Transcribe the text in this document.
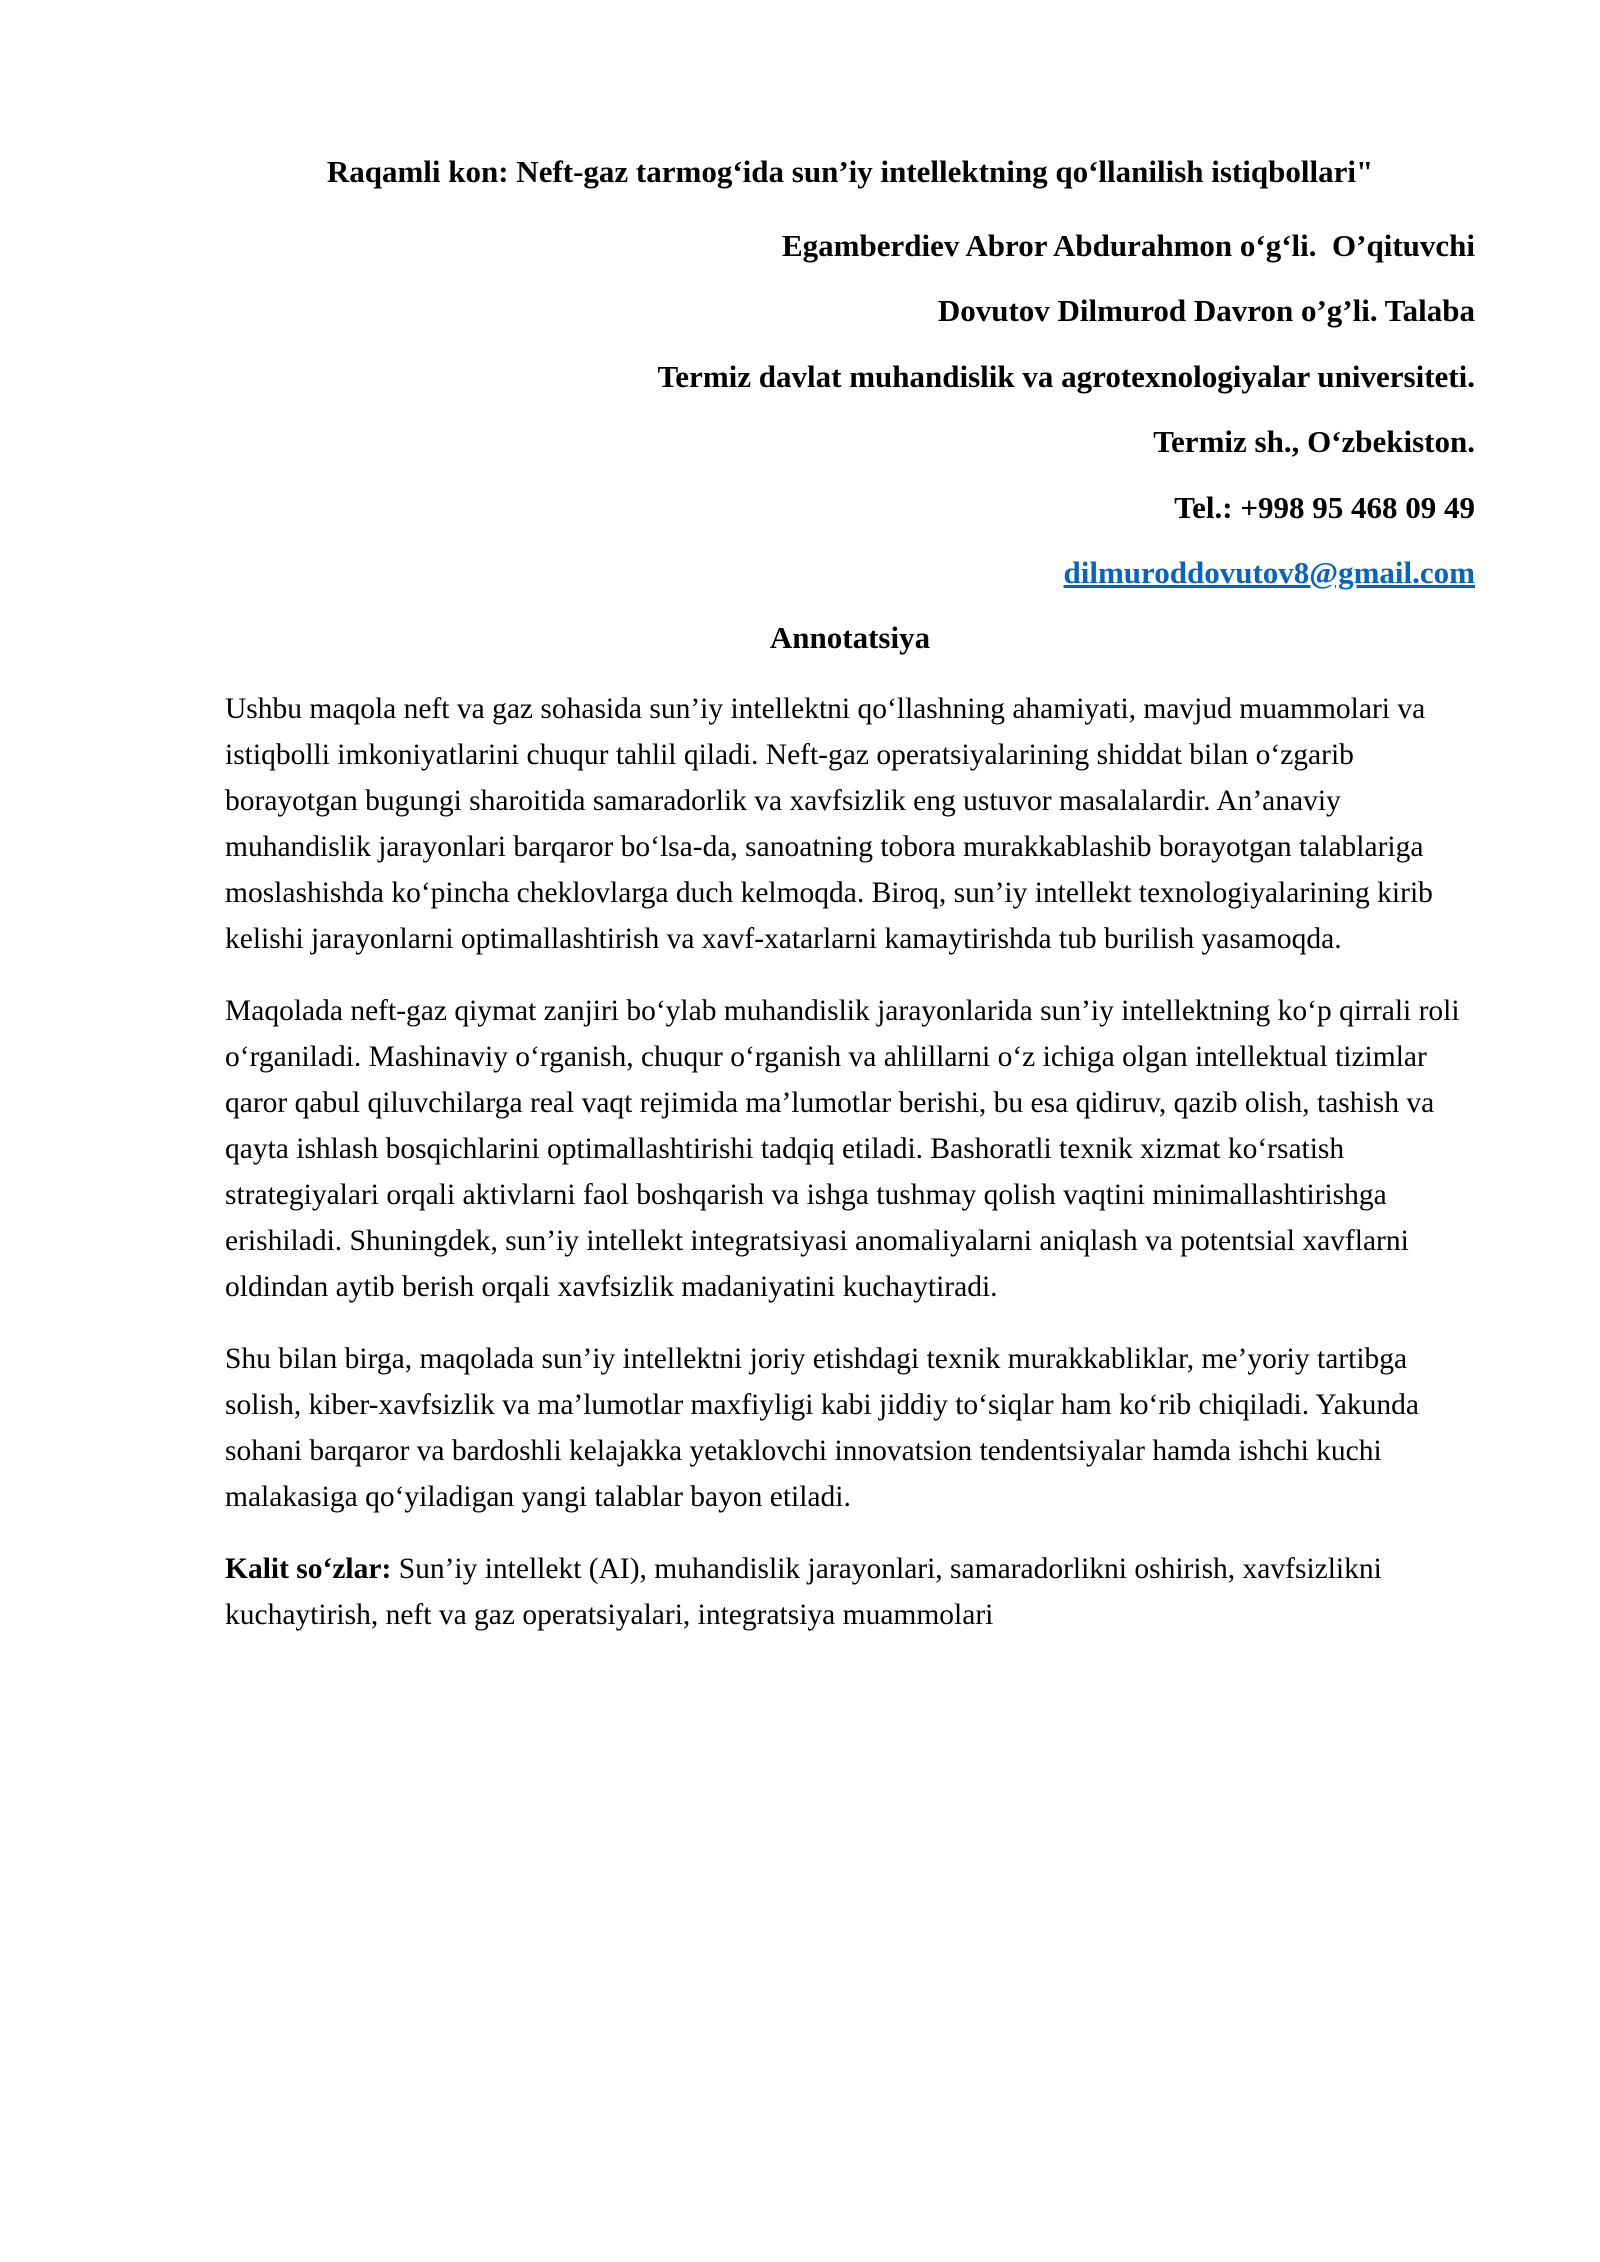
Raqamli kon: Neft-gaz tarmog‘ida sun’iy intellektning qo‘llanilish istiqbollari"
Egamberdiev Abror Abdurahmon o‘g‘li.  O’qituvchi
Dovutov Dilmurod Davron o’g’li. Talaba
Termiz davlat muhandislik va agrotexnologiyalar universiteti.
Termiz sh., O‘zbekiston.
Tel.: +998 95 468 09 49
dilmuroddovutov8@gmail.com
Annotatsiya

Ushbu maqola neft va gaz sohasida sun’iy intellektni qo‘llashning ahamiyati, mavjud muammolari va istiqbolli imkoniyatlarini chuqur tahlil qiladi. Neft-gaz operatsiyalarining shiddat bilan o‘zgarib borayotgan bugungi sharoitida samaradorlik va xavfsizlik eng ustuvor masalalardir. An’anaviy muhandislik jarayonlari barqaror bo‘lsa-da, sanoatning tobora murakkablashib borayotgan talablariga moslashishda ko‘pincha cheklovlarga duch kelmoqda. Biroq, sun’iy intellekt texnologiyalarining kirib kelishi jarayonlarni optimallashtirish va xavf-xatarlarni kamaytirishda tub burilish yasamoqda.

Maqolada neft-gaz qiymat zanjiri bo‘ylab muhandislik jarayonlarida sun’iy intellektning ko‘p qirrali roli o‘rganiladi. Mashinaviy o‘rganish, chuqur o‘rganish va ahlillarni o‘z ichiga olgan intellektual tizimlar qaror qabul qiluvchilarga real vaqt rejimida ma’lumotlar berishi, bu esa qidiruv, qazib olish, tashish va qayta ishlash bosqichlarini optimallashtirishi tadqiq etiladi. Bashoratli texnik xizmat ko‘rsatish strategiyalari orqali aktivlarni faol boshqarish va ishga tushmay qolish vaqtini minimallashtirishga erishiladi. Shuningdek, sun’iy intellekt integratsiyasi anomaliyalarni aniqlash va potentsial xavflarni oldindan aytib berish orqali xavfsizlik madaniyatini kuchaytiradi.

Shu bilan birga, maqolada sun’iy intellektni joriy etishdagi texnik murakkabliklar, me’yoriy tartibga solish, kiber-xavfsizlik va ma’lumotlar maxfiyligi kabi jiddiy to‘siqlar ham ko‘rib chiqiladi. Yakunda sohani barqaror va bardoshli kelajakka yetaklovchi innovatsion tendentsiyalar hamda ishchi kuchi malakasiga qo‘yiladigan yangi talablar bayon etiladi.

Kalit so‘zlar: Sun’iy intellekt (AI), muhandislik jarayonlari, samaradorlikni oshirish, xavfsizlikni kuchaytirish, neft va gaz operatsiyalari, integratsiya muammolari
